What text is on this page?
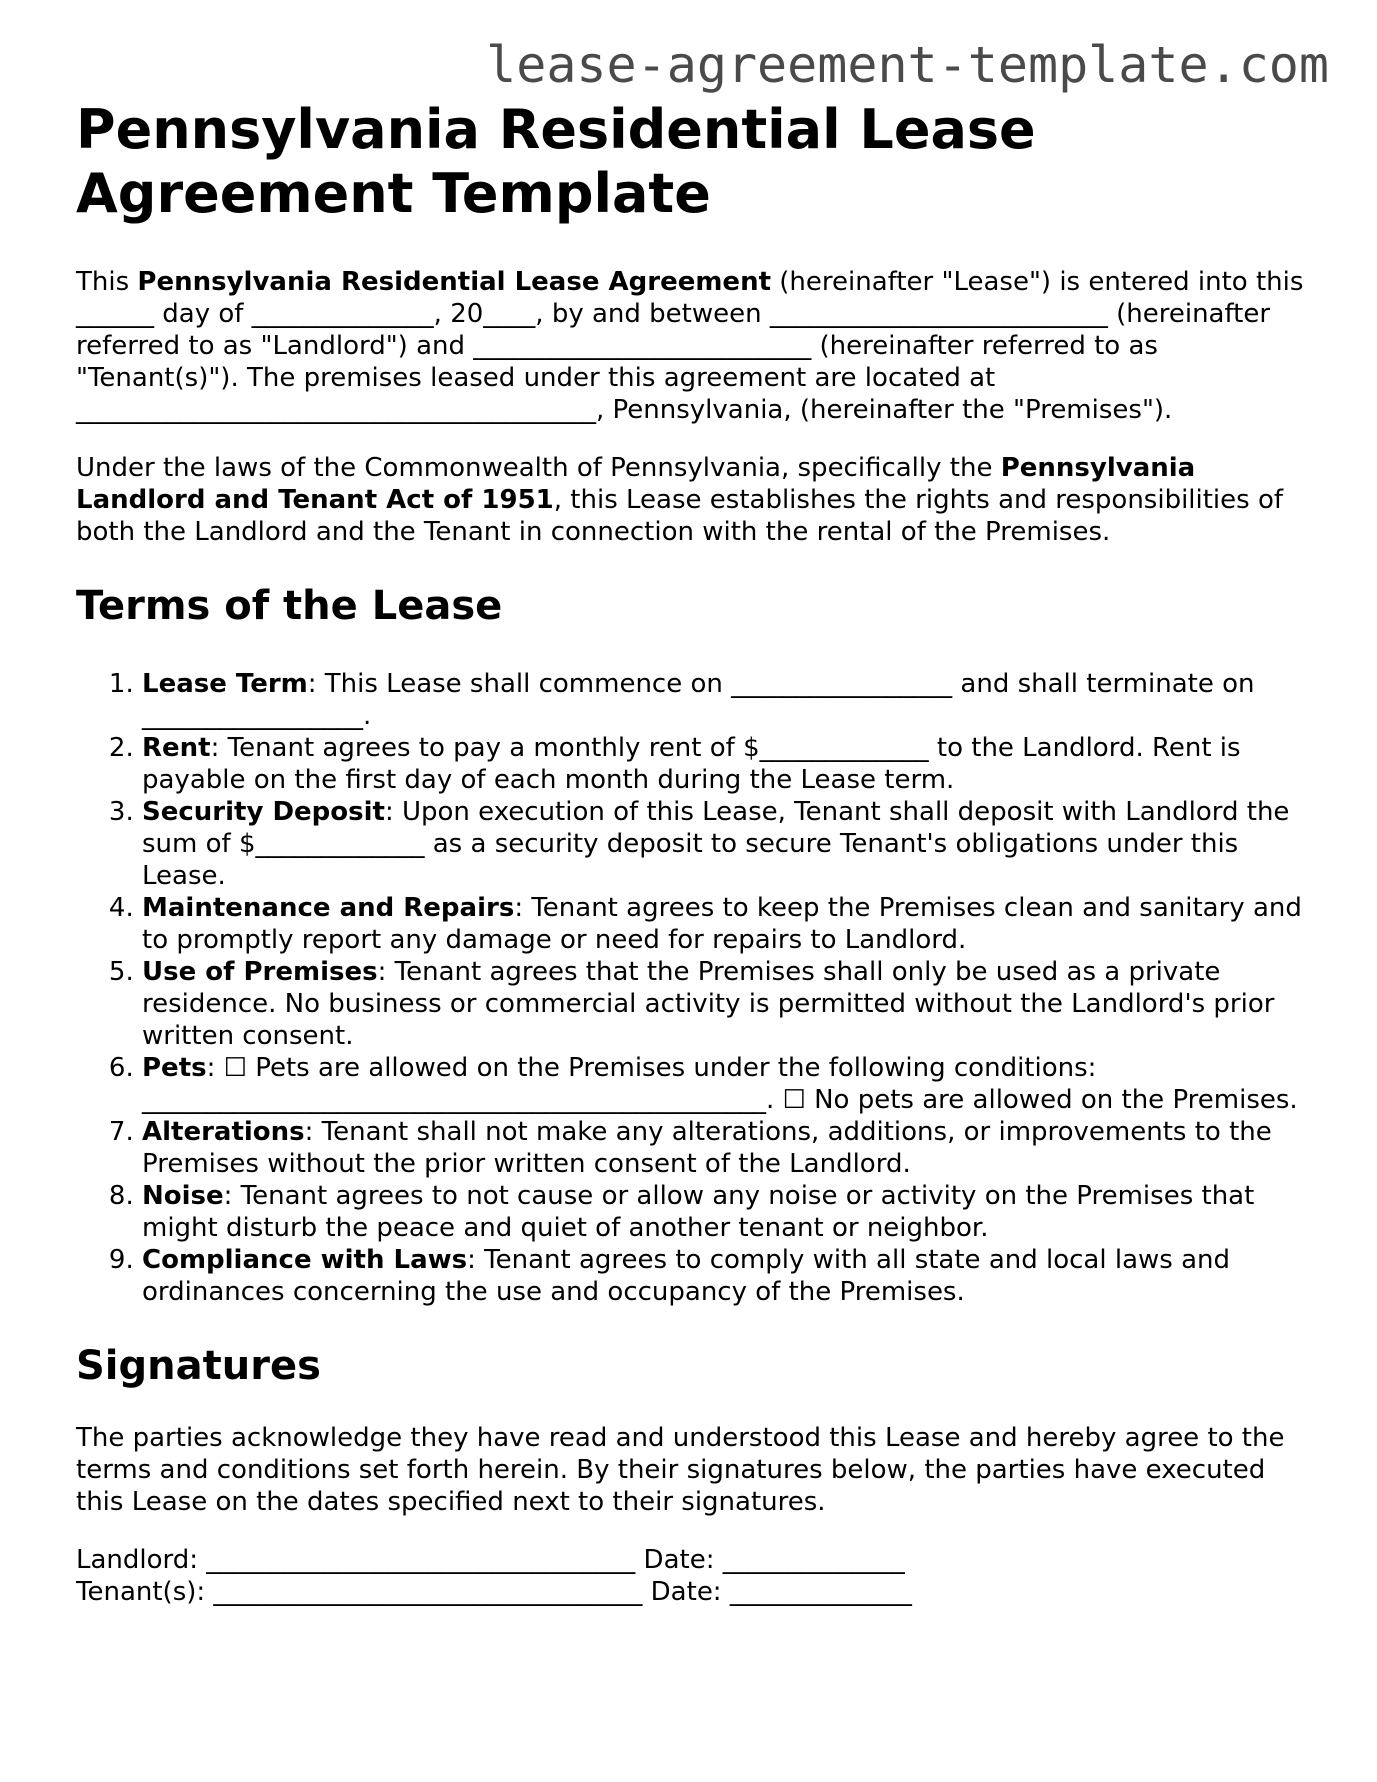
lease-agreement-template.com
Pennsylvania Residential Lease Agreement Template

This Pennsylvania Residential Lease Agreement (hereinafter "Lease") is entered into this ______ day of ______________, 20____, by and between __________________________ (hereinafter referred to as "Landlord") and __________________________ (hereinafter referred to as "Tenant(s)"). The premises leased under this agreement are located at ________________________________________, Pennsylvania, (hereinafter the "Premises").

Under the laws of the Commonwealth of Pennsylvania, specifically the Pennsylvania Landlord and Tenant Act of 1951, this Lease establishes the rights and responsibilities of both the Landlord and the Tenant in connection with the rental of the Premises.

Terms of the Lease
1. Lease Term: This Lease shall commence on _________________ and shall terminate on _________________.
2. Rent: Tenant agrees to pay a monthly rent of $_____________ to the Landlord. Rent is payable on the first day of each month during the Lease term.
3. Security Deposit: Upon execution of this Lease, Tenant shall deposit with Landlord the sum of $_____________ as a security deposit to secure Tenant's obligations under this Lease.
4. Maintenance and Repairs: Tenant agrees to keep the Premises clean and sanitary and to promptly report any damage or need for repairs to Landlord.
5. Use of Premises: Tenant agrees that the Premises shall only be used as a private residence. No business or commercial activity is permitted without the Landlord's prior written consent.
6. Pets: ☐ Pets are allowed on the Premises under the following conditions: ________________________________________________. ☐ No pets are allowed on the Premises.
7. Alterations: Tenant shall not make any alterations, additions, or improvements to the Premises without the prior written consent of the Landlord.
8. Noise: Tenant agrees to not cause or allow any noise or activity on the Premises that might disturb the peace and quiet of another tenant or neighbor.
9. Compliance with Laws: Tenant agrees to comply with all state and local laws and ordinances concerning the use and occupancy of the Premises.
Signatures

The parties acknowledge they have read and understood this Lease and hereby agree to the terms and conditions set forth herein. By their signatures below, the parties have executed this Lease on the dates specified next to their signatures.

Landlord: _________________________________ Date: ______________
Tenant(s): _________________________________ Date: ______________
